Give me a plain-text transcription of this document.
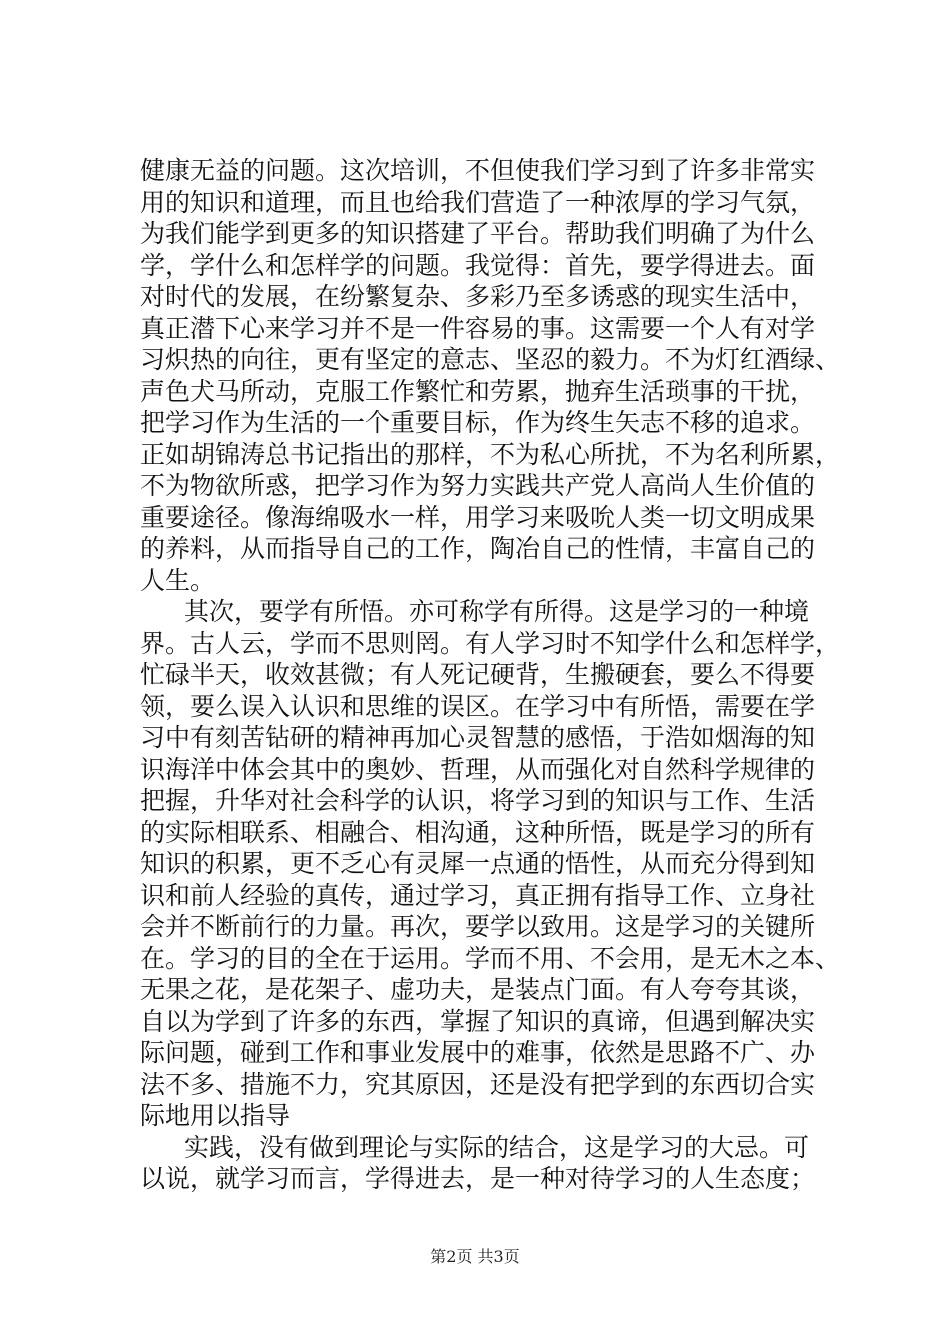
健康无益的问题。这次培训，不但使我们学习到了许多非常实
用的知识和道理，而且也给我们营造了一种浓厚的学习气氛，
为我们能学到更多的知识搭建了平台。帮助我们明确了为什么
学，学什么和怎样学的问题。我觉得：首先，要学得进去。面
对时代的发展，在纷繁复杂、多彩乃至多诱惑的现实生活中，
真正潜下心来学习并不是一件容易的事。这需要一个人有对学
习炽热的向往，更有坚定的意志、坚忍的毅力。不为灯红酒绿、
声色犬马所动，克服工作繁忙和劳累，抛弃生活琐事的干扰，
把学习作为生活的一个重要目标，作为终生矢志不移的追求。
正如胡锦涛总书记指出的那样，不为私心所扰，不为名利所累，
不为物欲所惑，把学习作为努力实践共产党人高尚人生价值的
重要途径。像海绵吸水一样，用学习来吸吮人类一切文明成果
的养料，从而指导自己的工作，陶冶自己的性情，丰富自己的
人生。
其次，要学有所悟。亦可称学有所得。这是学习的一种境
界。古人云，学而不思则罔。有人学习时不知学什么和怎样学，
忙碌半天，收效甚微；有人死记硬背，生搬硬套，要么不得要
领，要么误入认识和思维的误区。在学习中有所悟，需要在学
习中有刻苦钻研的精神再加心灵智慧的感悟，于浩如烟海的知
识海洋中体会其中的奥妙、哲理，从而强化对自然科学规律的
把握，升华对社会科学的认识，将学习到的知识与工作、生活
的实际相联系、相融合、相沟通，这种所悟，既是学习的所有
知识的积累，更不乏心有灵犀一点通的悟性，从而充分得到知
识和前人经验的真传，通过学习，真正拥有指导工作、立身社
会并不断前行的力量。再次，要学以致用。这是学习的关键所
在。学习的目的全在于运用。学而不用、不会用，是无木之本、
无果之花，是花架子、虚功夫，是装点门面。有人夸夸其谈，
自以为学到了许多的东西，掌握了知识的真谛，但遇到解决实
际问题，碰到工作和事业发展中的难事，依然是思路不广、办
法不多、措施不力，究其原因，还是没有把学到的东西切合实
际地用以指导
实践，没有做到理论与实际的结合，这是学习的大忌。可
以说，就学习而言，学得进去，是一种对待学习的人生态度；
第2页 共3页
